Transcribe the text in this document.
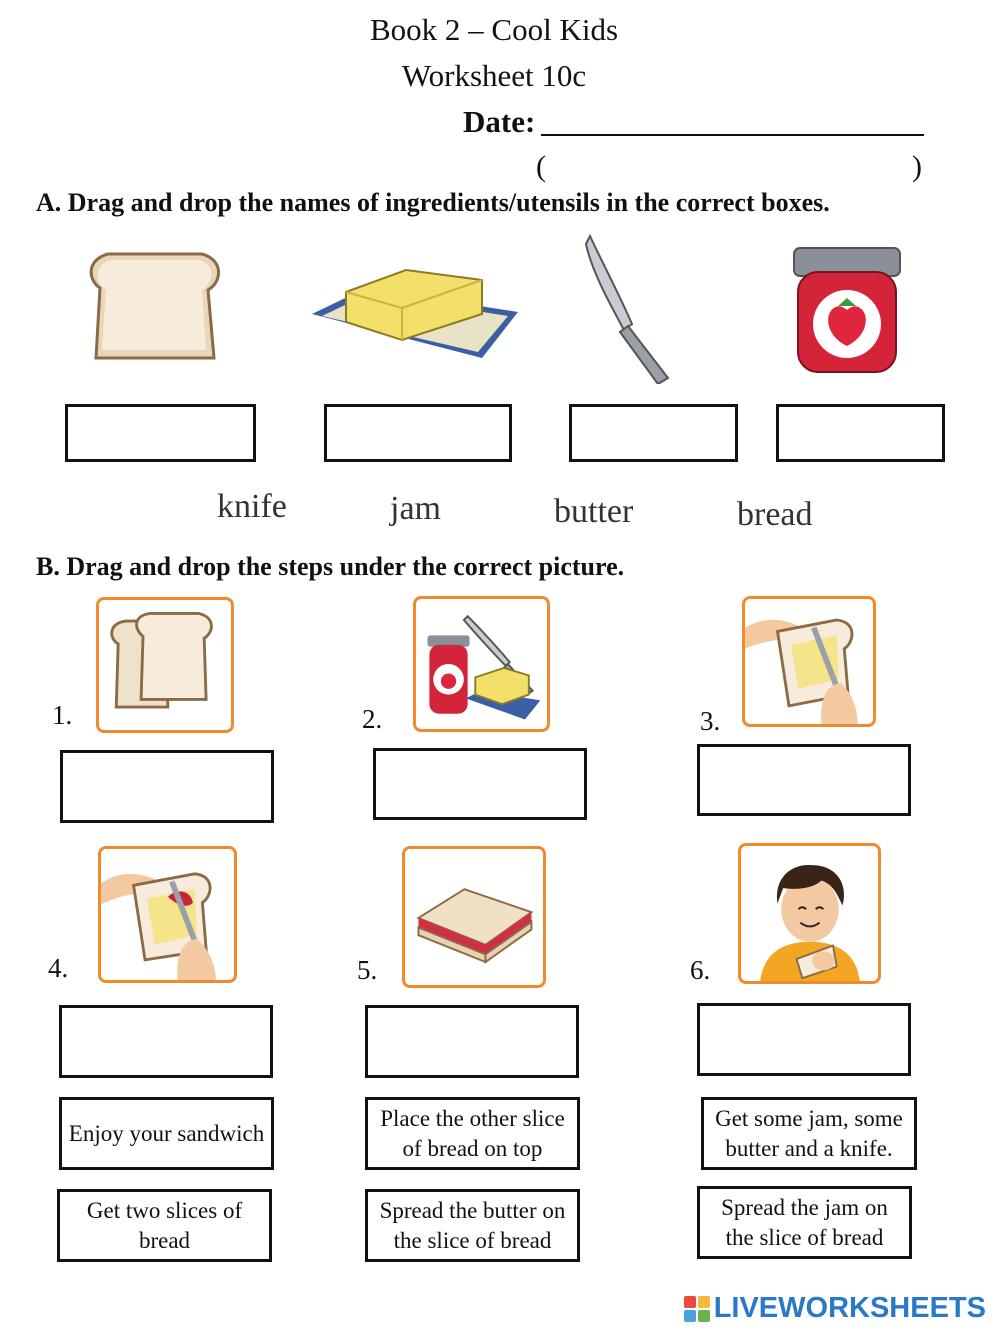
Book 2 – Cool Kids
Worksheet 10c
Date:
(	)
A. Drag and drop the names of ingredients/utensils in the correct boxes.
knife	jam	butter	bread
B. Drag and drop the steps under the correct picture.
1.	2.	3.
4.	5.	6.
Enjoy your sandwich
Place the other slice of bread on top
Get some jam, some butter and a knife.
Get two slices of bread
Spread the butter on the slice of bread
Spread the jam on the slice of bread
LIVEWORKSHEETS
